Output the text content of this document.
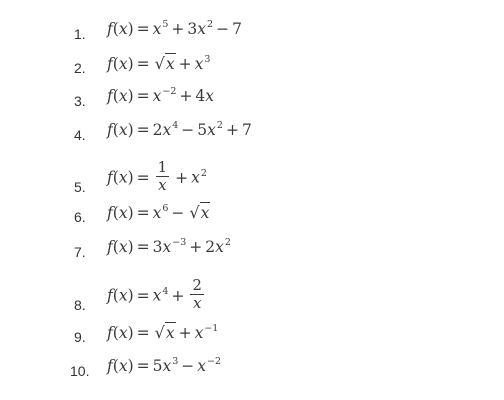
1.	$f(x) = x^5 + 3x^2 - 7$
2.	$f(x) = √x + x^3$
3.	$f(x) = x^{-2} + 4x$
4.	$f(x) = 2x^4 - 5x^2 + 7$
5.
$f(x) = \frac{1}{x} + x^2$
6.	$f(x) = x^6 - √x$
7.	$f(x) = 3x^{-3} + 2x^2$
8.
$f(x) = x^4 + \frac{2}{x}$
9.	$f(x) = √x + x^{-1}$
10.	$f(x) = 5x^3 - x^{-2}$
